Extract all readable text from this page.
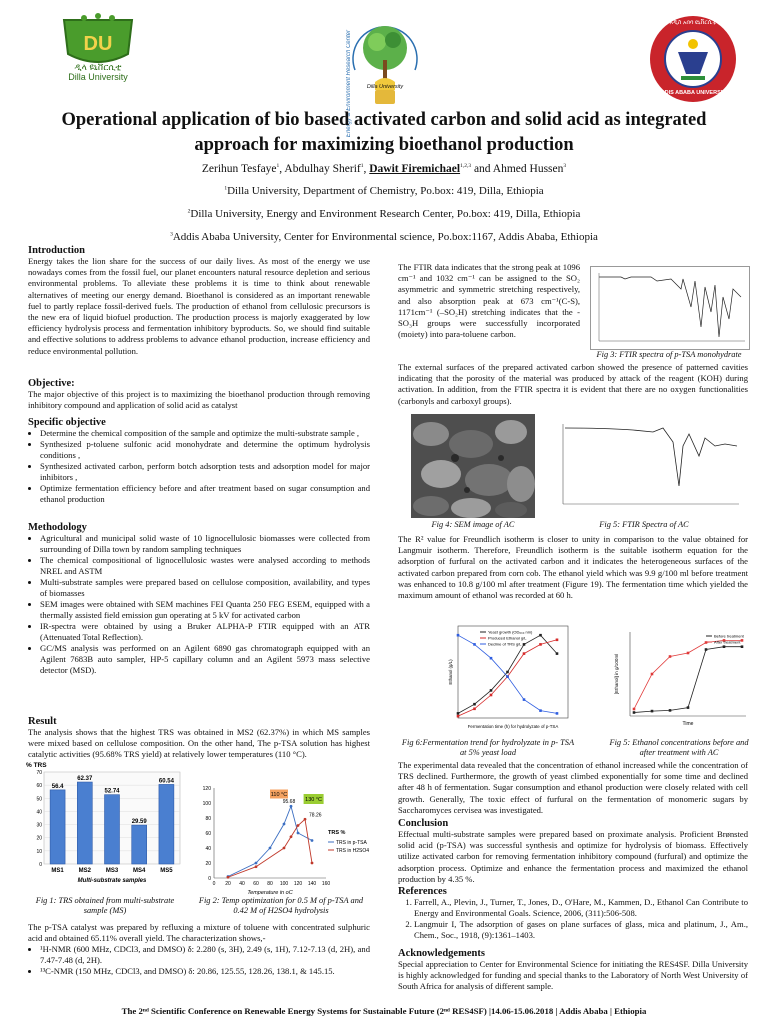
DU
ዲላ ዩኒቨርሲቲ
Dilla University	Energy & Environment Research Center	Dilla University
አዲስ አበባ ዩኒቨርሲቲ
ADDIS ABABA UNIVERSITY
Operational application of bio based activated carbon and solid acid as integrated
approach for maximizing bioethanol production
Zerihun Tesfaye$^1$, Abdulhay Sherif$^1$, Dawit Firemichael$^{1,2,3}$ and Ahmed Hussen$^3$
$^1$Dilla University, Department of Chemistry, Po.box: 419, Dilla, Ethiopia
$^2$Dilla University, Energy and Environment Research Center, Po.box: 419, Dilla, Ethiopia
$^3$Addis Ababa University, Center for Environmental science, Po.box:1167, Addis Ababa, Ethiopia

Introduction

Energy takes the lion share for the success of our daily lives. As most of the energy we use nowadays comes from the fossil fuel, our planet encounters natural resource depletion and serious environmental problems. To alleviate these problems it is time to think about renewable alternatives of meeting our energy demand. Bioethanol is considered as an important renewable fuel to partly replace fossil-derived fuels. The production of ethanol from cellulosic precursors is the new era of liquid biofuel production. The production process is majorly exaggerated by low efficiency hydrolysis process and fermentation inhibitory byproducts. So, we should find suitable and effective solutions to address problems to advance ethanol production, increase efficiency and reduce environmental pollution.

Objective:

The major objective of this project is to maximizing the bioethanol production through removing inhibitory compound and application of solid acid as catalyst

Specific objective

• Determine the chemical composition of the sample and optimize the multi-substrate sample ,
• Synthesized p-toluene sulfonic acid monohydrate and determine the optimum hydrolysis conditions ,
• Synthesized activated carbon, perform botch adsorption tests and adsorption model for major inhibitors ,
• Optimize fermentation efficiency before and after treatment based on sugar consumption and ethanol production

Methodology

• Agricultural and municipal solid waste of 10 lignocellulosic biomasses were collected from surrounding of Dilla town by random sampling techniques
• The chemical compositional of lignocellulosic wastes were analysed according to methods NREL and ASTM
• Multi-substrate samples were prepared based on cellulose composition, availability, and types of biomasses
• SEM images were obtained with SEM machines FEI Quanta 250 FEG ESEM, equipped with a thermally assisted field emission gun operating at 5 kV for activated carbon
• IR-spectra were obtained by using a Bruker ALPHA-P FTIR equipped with an ATR (Attenuated Total Reflection).
• GC/MS analysis was performed on an Agilent 6890 gas chromatograph equipped with an Agilent 7683B auto sampler, HP-5 capillary column and an Agilent 5973 mass selective detector (MSD).

Result

The analysis shows that the highest TRS was obtained in MS2 (62.37%) in which MS samples were mixed based on cellulose composition. On the other hand, The p-TSA solution has highest catalytic activities (95.68% TRS yield) at relatively lower temperatures (110 °C).

% TRS
0
10
20
30
40
50
60
70
56.4
MS1
62.37
MS2
52.74
MS3
29.59
MS4
60.54
MS5
Multi-substrate samples
Fig 1: TRS obtained from multi-substrate sample (MS)
0
20
40
60
80
100
120
0 20 40 60 80 100 120 140 160
Temperature in oC
TRS %
TRS in p-TSA
TRS in H2SO4
110 °C
130 °C
95.68
78.26
Fig 2: Temp optimization for 0.5 M of p-TSA and 0.42 M of H2SO4 hydrolysis

The p-TSA catalyst was prepared by refluxing a mixture of toluene with concentrated sulphuric acid and obtained 65.11% overall yield. The characterization shows,-

• ¹H-NMR (600 MHz, CDCl3, and DMSO) δ: 2.280 (s, 3H), 2.49 (s, 1H), 7.12-7.13 (d, 2H), and 7.47-7.48 (d, 2H).
• ¹³C-NMR (150 MHz, CDCl3, and DMSO) δ: 20.86, 125.55, 128.26, 138.1, & 145.15.

The FTIR data indicates that the strong peak at 1096 cm⁻¹ and 1032 cm⁻¹ can be assigned to the SO₂ asymmetric and symmetric stretching respectively, and also absorption peak at 673 cm⁻¹(C-S), 1171cm⁻¹ (–SO₂H) stretching indicates that the -SO₃H groups were successfully incorporated (moiety) into para-toluene carbon.

Fig 3: FTIR spectra of p-TSA monohydrate

The external surfaces of the prepared activated carbon showed the presence of patterned cavities indicating that the porosity of the material was produced by attack of the reagent (KOH) during activation. In addition, from the FTIR spectra it is evident that there are no oxygen functionalities (carbonyls and carboxyl groups).

Fig 4: SEM image of AC	Fig 5: FTIR Spectra of AC

The R² value for Freundlich isotherm is closer to unity in comparison to the value obtained for Langmuir isotherm. Therefore, Freundlich isotherm is the suitable isotherm equation for the adsorption of furfural on the activated carbon and it indicates the heterogeneous surfaces of the activated carbon prepared from corn cob. The ethanol yield which was 9.9 g/100 ml before treatment was enhanced to 10.8 g/100 ml after treatment (Figure 19). The fermentation time which yielded the maximum amount of ethanol was recorded at 60 h.

Yeast growth (OD₆₀₀ nm)
Produced Ethanol g/L
Decline of TRS g/L
Fermentation time (h) for hydrolyzate of p-TSA
Ethanol (g/L)
Fig 6:Fermentation trend for hydrolyzate in p- TSA at 5% yeast load
Before treatment
After treatment
Time
[Ethanol] in g/100ml
Fig 5: Ethanol concentrations before and after treatment with AC

The experimental data revealed that the concentration of ethanol increased while the concentration of TRS declined. Furthermore, the growth of yeast climbed exponentially for some time and declined after 48 h of fermentation. Sugar consumption and ethanol production were closely related with cell growth. Generally, The toxic effect of furfural on the fermentation of monomeric sugars by Saccharomyces cervisea was investigated.

Conclusion

Effectual multi-substrate samples were prepared based on proximate analysis. Proficient Brønsted solid acid (p-TSA) was successful synthesis and optimize for hydrolysis of biomass. Effectively utilize activated carbon for removing fermentation inhibitory compound (furfural) and optimize the adsorption process. Optimize and enhance the fermentation process and maximized the ethanol production by 4.35 %.

References

1. Farrell, A., Plevin, J., Turner, T., Jones, D., O'Hare, M., Kammen, D., Ethanol Can Contribute to Energy and Environmental Goals. Science, 2006, (311):506-508.
2. Langmuir I, The adsorption of gases on plane surfaces of glass, mica and platinum, J., Am., Chem., Soc., 1918, (9):1361–1403.

Acknowledgements

Special appreciation to Center for Environmental Science for initiating the RES4SF. Dilla University is highly acknowledged for funding and special thanks to the Laboratory of North West University of South Africa for analysis of different sample.

The 2ⁿᵈ Scientific Conference on Renewable Energy Systems for Sustainable Future (2ⁿᵈ RES4SF) |14.06-15.06.2018 | Addis Ababa | Ethiopia
